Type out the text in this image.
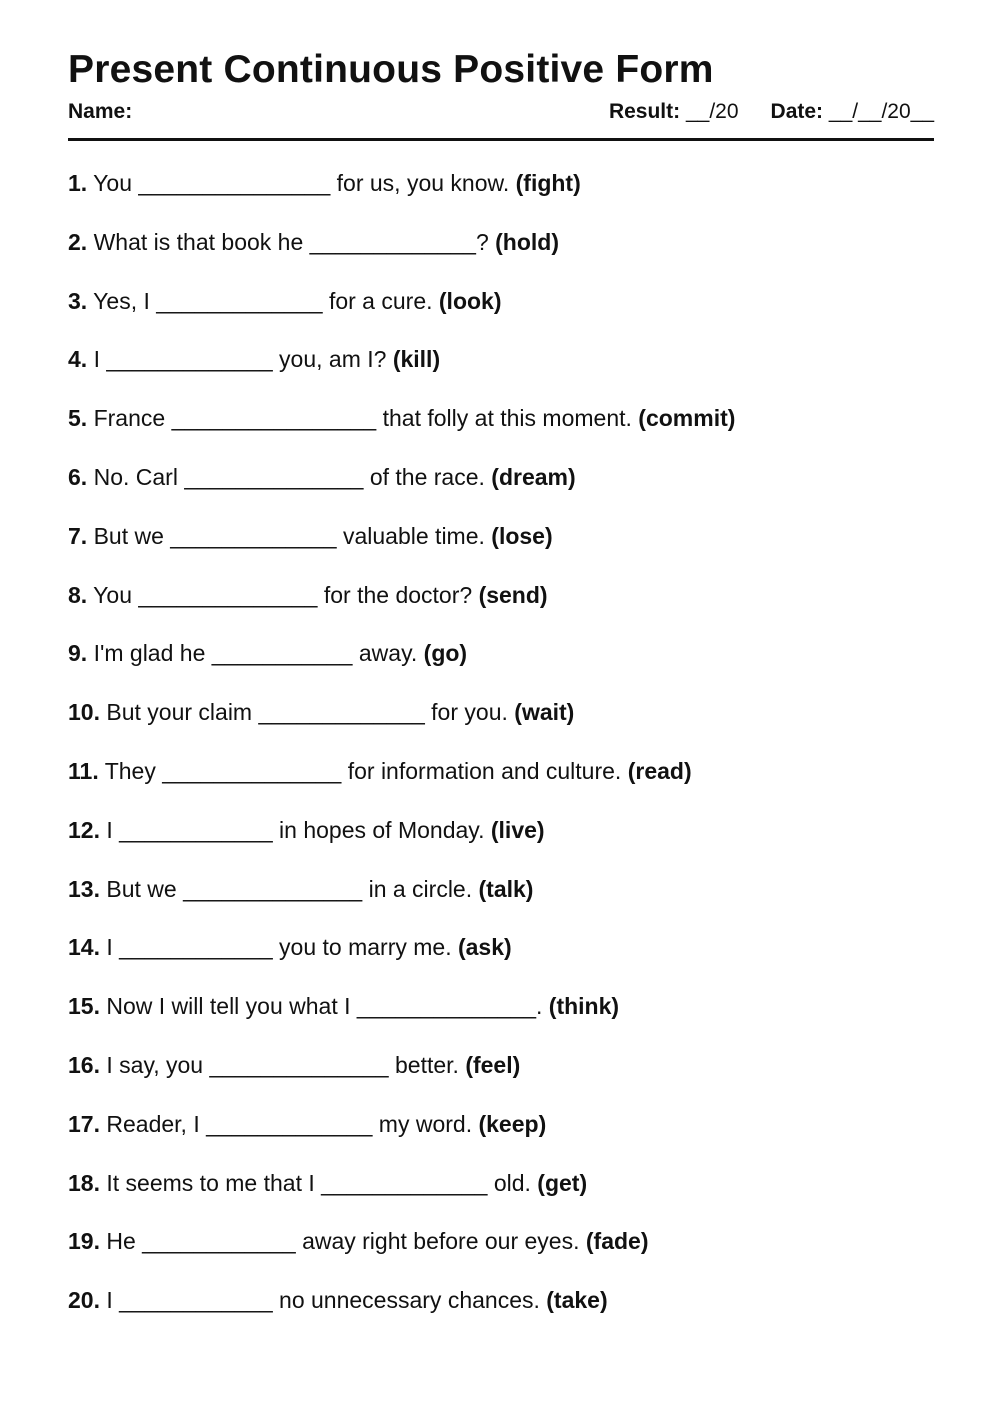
Present Continuous Positive Form
Name:	Result: __/20 Date: __/__/20__
1. You _______________ for us, you know. (fight)
2. What is that book he _____________? (hold)
3. Yes, I _____________ for a cure. (look)
4. I _____________ you, am I? (kill)
5. France ________________ that folly at this moment. (commit)
6. No. Carl ______________ of the race. (dream)
7. But we _____________ valuable time. (lose)
8. You ______________ for the doctor? (send)
9. I'm glad he ___________ away. (go)
10. But your claim _____________ for you. (wait)
11. They ______________ for information and culture. (read)
12. I ____________ in hopes of Monday. (live)
13. But we ______________ in a circle. (talk)
14. I ____________ you to marry me. (ask)
15. Now I will tell you what I ______________. (think)
16. I say, you ______________ better. (feel)
17. Reader, I _____________ my word. (keep)
18. It seems to me that I _____________ old. (get)
19. He ____________ away right before our eyes. (fade)
20. I ____________ no unnecessary chances. (take)
